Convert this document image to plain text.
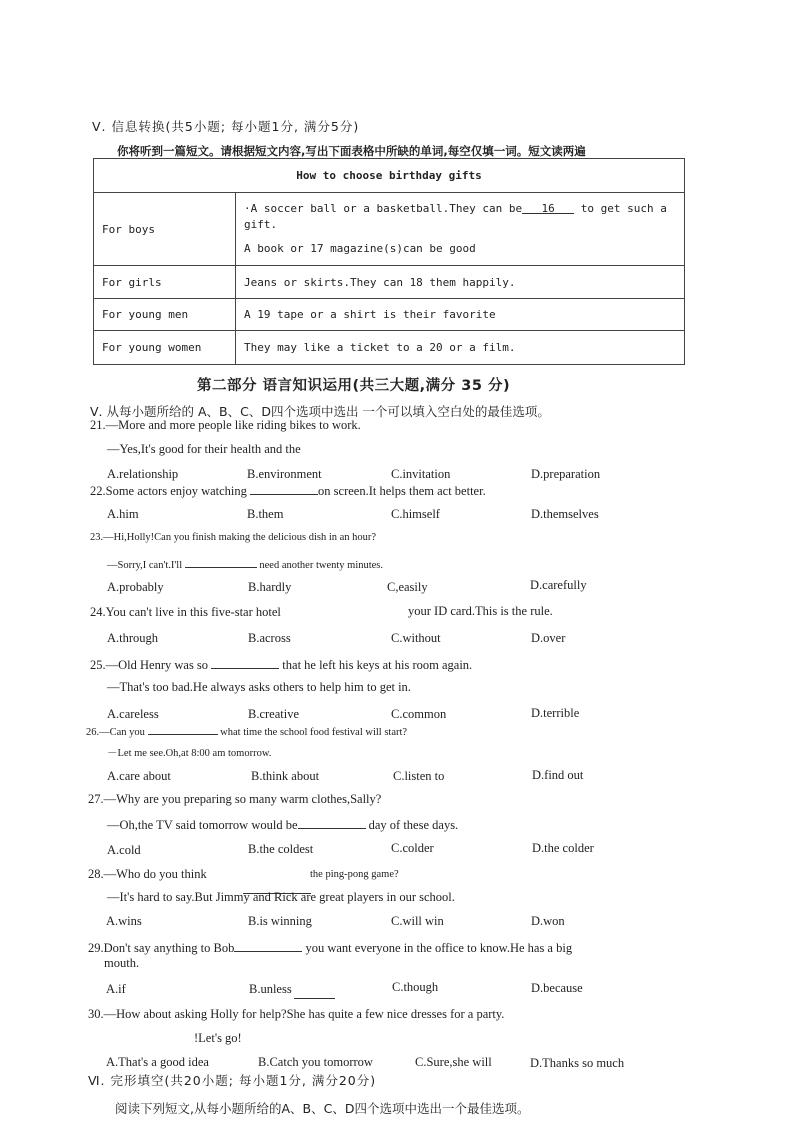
Ⅴ. 信息转换(共5小题; 每小题1分, 满分5分)
你将听到一篇短文。请根据短文内容,写出下面表格中所缺的单词,每空仅填一词。短文读两遍
How to choose birthday gifts	
For boys	·A soccer ball or a basketball.They can be 16 to get such a
gift.
A book or 17 magazine(s)can be good

For girls	Jeans or skirts.They can 18 them happily.
For young men	A 19 tape or a shirt is their favorite
For young women	They may like a ticket to a 20 or a film.
第二部分 语言知识运用(共三大题,满分 35 分)
Ⅴ. 从每小题所给的 A、B、C、D四个选项中选出 一个可以填入空白处的最佳选项。
21.—More and more people like riding bikes to work.
—Yes,It's good for their health and the
A.relationship	B.environment	C.invitation	D.preparation
22.Some actors enjoy watching	on screen.It helps them act better.
A.him	B.them	C.himself	D.themselves
23.—Hi,Holly!Can you finish making the delicious dish in an hour?
—Sorry,I can't.I'll	need another twenty minutes.
A.probably	B.hardly	C,easily	D.carefully
24.You can't live in this five-star hotel	your ID card.This is the rule.
A.through	B.across	C.without	D.over
25.—Old Henry was so	that he left his keys at his room again.
—That's too bad.He always asks others to help him to get in.
A.careless	B.creative	C.common	D.terrible
26.—Can you	what time the school food festival will start?
－Let me see.Oh,at 8:00 am tomorrow.
A.care about	B.think about	C.listen to	D.find out
27.—Why are you preparing so many warm clothes,Sally?
—Oh,the TV said tomorrow would be	day of these days.
A.cold	B.the coldest	C.colder	D.the colder
28.—Who do you think	the ping-pong game?
—It's hard to say.But Jimmy and Rick are great players in our school.
A.wins	B.is winning	C.will win	D.won
29.Don't say anything to Bob	you want everyone in the office to know.He has a big
mouth.
A.if	B.unless	C.though	D.because
30.—How about asking Holly for help?She has quite a few nice dresses for a party.
!Let's go!
A.That's a good idea	B.Catch you tomorrow	C.Sure,she will	D.Thanks so much
Ⅵ. 完形填空(共20小题; 每小题1分, 满分20分)
阅读下列短文,从每小题所给的A、B、C、D四个选项中选出一个最佳选项。
